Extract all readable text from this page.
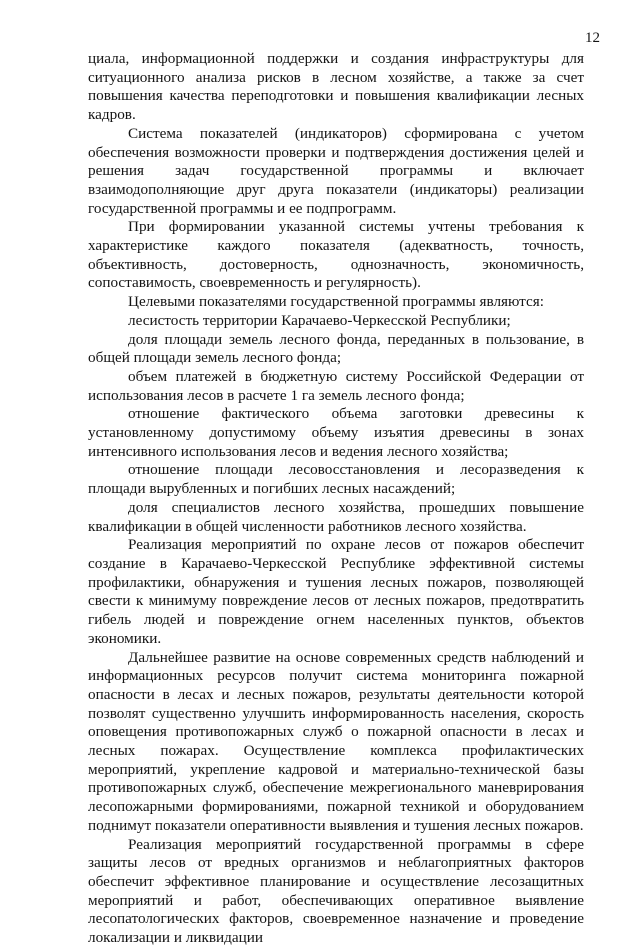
12

циала, информационной поддержки и создания инфраструктуры для ситуационного анализа рисков в лесном хозяйстве, а также за счет повышения качества переподготовки и повышения квалификации лесных кадров.

Система показателей (индикаторов) сформирована с учетом обеспечения возможности проверки и подтверждения достижения целей и решения задач государственной программы и включает взаимодополняющие друг друга показатели (индикаторы) реализации государственной программы и ее подпрограмм.

При формировании указанной системы учтены требования к характеристике каждого показателя (адекватность, точность, объективность, достоверность, однозначность, экономичность, сопоставимость, своевременность и регулярность).

Целевыми показателями государственной программы являются:

лесистость территории Карачаево-Черкесской Республики;

доля площади земель лесного фонда, переданных в пользование, в общей площади земель лесного фонда;

объем платежей в бюджетную систему Российской Федерации от использования лесов в расчете 1 га земель лесного фонда;

отношение фактического объема заготовки древесины к установленному допустимому объему изъятия древесины в зонах интенсивного использования лесов и ведения лесного хозяйства;

отношение площади лесовосстановления и лесоразведения к площади вырубленных и погибших лесных насаждений;

доля специалистов лесного хозяйства, прошедших повышение квалификации в общей численности работников лесного хозяйства.

Реализация мероприятий по охране лесов от пожаров обеспечит создание в Карачаево-Черкесской Республике эффективной системы профилактики, обнаружения и тушения лесных пожаров, позволяющей свести к минимуму повреждение лесов от лесных пожаров, предотвратить гибель людей и повреждение огнем населенных пунктов, объектов экономики.

Дальнейшее развитие на основе современных средств наблюдений и информационных ресурсов получит система мониторинга пожарной опасности в лесах и лесных пожаров, результаты деятельности которой позволят существенно улучшить информированность населения, скорость оповещения противопожарных служб о пожарной опасности в лесах и лесных пожарах. Осуществление комплекса профилактических мероприятий, укрепление кадровой и материально-технической базы противопожарных служб, обеспечение межрегионального маневрирования лесопожарными формированиями, пожарной техникой и оборудованием поднимут показатели оперативности выявления и тушения лесных пожаров.

Реализация мероприятий государственной программы в сфере защиты лесов от вредных организмов и неблагоприятных факторов обеспечит эффективное планирование и осуществление лесозащитных мероприятий и работ, обеспечивающих оперативное выявление лесопатологических факторов, своевременное назначение и проведение локализации и ликвидации
